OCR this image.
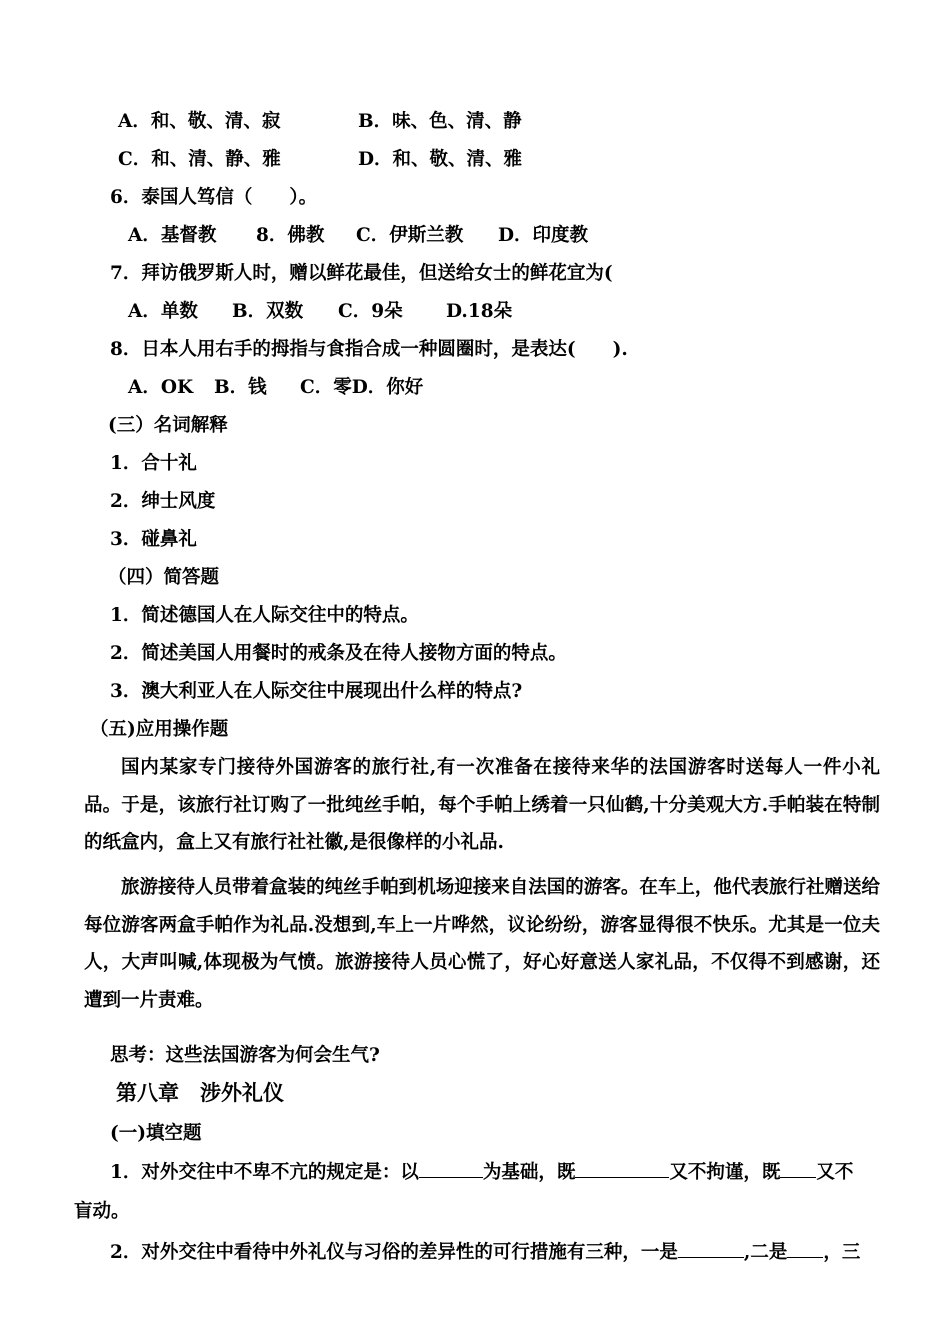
A．和、敬、清、寂	B．味、色、清、静
C．和、清、静、雅	D．和、敬、清、雅
6．泰国人笃信（　　）。
A．基督教 8．佛教 C．伊斯兰教 D．印度教
7．拜访俄罗斯人时，赠以鲜花最佳，但送给女士的鲜花宜为(
A．单数 B．双数 C．9朵 D.18朵
8．日本人用右手的拇指与食指合成一种圆圈时，是表达(　　).
A．OK B．钱 C．零D．你好
(三）名词解释
1．合十礼
2．绅士风度
3．碰鼻礼
（四）简答题
1．简述德国人在人际交往中的特点。
2．简述美国人用餐时的戒条及在待人接物方面的特点。
3．澳大利亚人在人际交往中展现出什么样的特点?
（五)应用操作题
国内某家专门接待外国游客的旅行社,有一次准备在接待来华的法国游客时送每人一件小礼品。于是，该旅行社订购了一批纯丝手帕，每个手帕上绣着一只仙鹤,十分美观大方.手帕装在特制的纸盒内，盒上又有旅行社社徽,是很像样的小礼品.
旅游接待人员带着盒装的纯丝手帕到机场迎接来自法国的游客。在车上，他代表旅行社赠送给每位游客两盒手帕作为礼品.没想到,车上一片哗然，议论纷纷，游客显得很不快乐。尤其是一位夫人，大声叫喊,体现极为气愤。旅游接待人员心慌了，好心好意送人家礼品，不仅得不到感谢，还遭到一片责难。
思考：这些法国游客为何会生气?
第八章　涉外礼仪
(一)填空题
1．对外交往中不卑不亢的规定是：以	为基础，既	又不拘谨，既 又不
盲动。
2．对外交往中看待中外礼仪与习俗的差异性的可行措施有三种，一是	,二是 ，三
